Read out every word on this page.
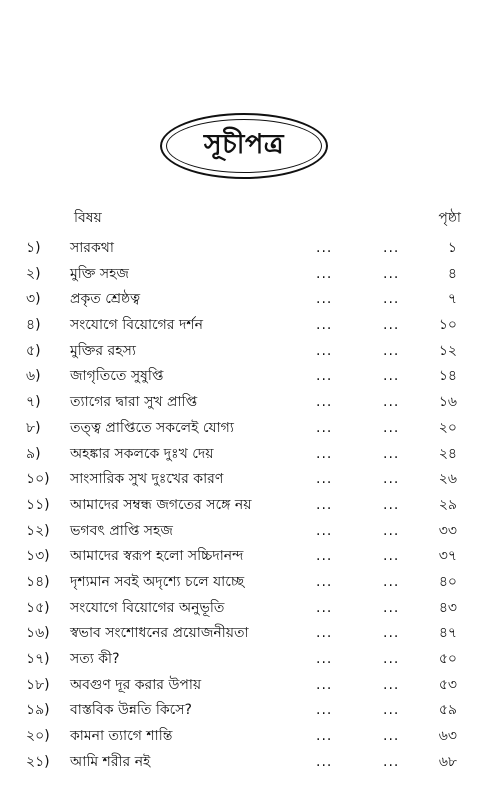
সূচীপত্র
বিষয়	পৃষ্ঠা
১)	সারকথা	...	...	১
২)	মুক্তি সহজ	...	...	৪
৩)	প্রকৃত শ্রেষ্ঠত্ব	...	...	৭
৪)	সংযোগে বিয়োগের দর্শন	...	...	১০
৫)	মুক্তির রহস্য	...	...	১২
৬)	জাগৃতিতে সুষুপ্তি	...	...	১৪
৭)	ত্যাগের দ্বারা সুখ প্রাপ্তি	...	...	১৬
৮)	তত্ত্ব প্রাপ্তিতে সকলেই যোগ্য	...	...	২০
৯)	অহঙ্কার সকলকে দুঃখ দেয়	...	...	২৪
১০)	সাংসারিক সুখ দুঃখের কারণ	...	...	২৬
১১)	আমাদের সম্বন্ধ জগতের সঙ্গে নয়	...	...	২৯
১২)	ভগবৎ প্রাপ্তি সহজ	...	...	৩৩
১৩)	আমাদের স্বরূপ হলো সচ্চিদানন্দ	...	...	৩৭
১৪)	দৃশ্যমান সবই অদৃশ্যে চলে যাচ্ছে	...	...	৪০
১৫)	সংযোগে বিয়োগের অনুভূতি	...	...	৪৩
১৬)	স্বভাব সংশোধনের প্রয়োজনীয়তা	...	...	৪৭
১৭)	সত্য কী?	...	...	৫০
১৮)	অবগুণ দূর করার উপায়	...	...	৫৩
১৯)	বাস্তবিক উন্নতি কিসে?	...	...	৫৯
২০)	কামনা ত্যাগে শান্তি	...	...	৬৩
২১)	আমি শরীর নই	...	...	৬৮
